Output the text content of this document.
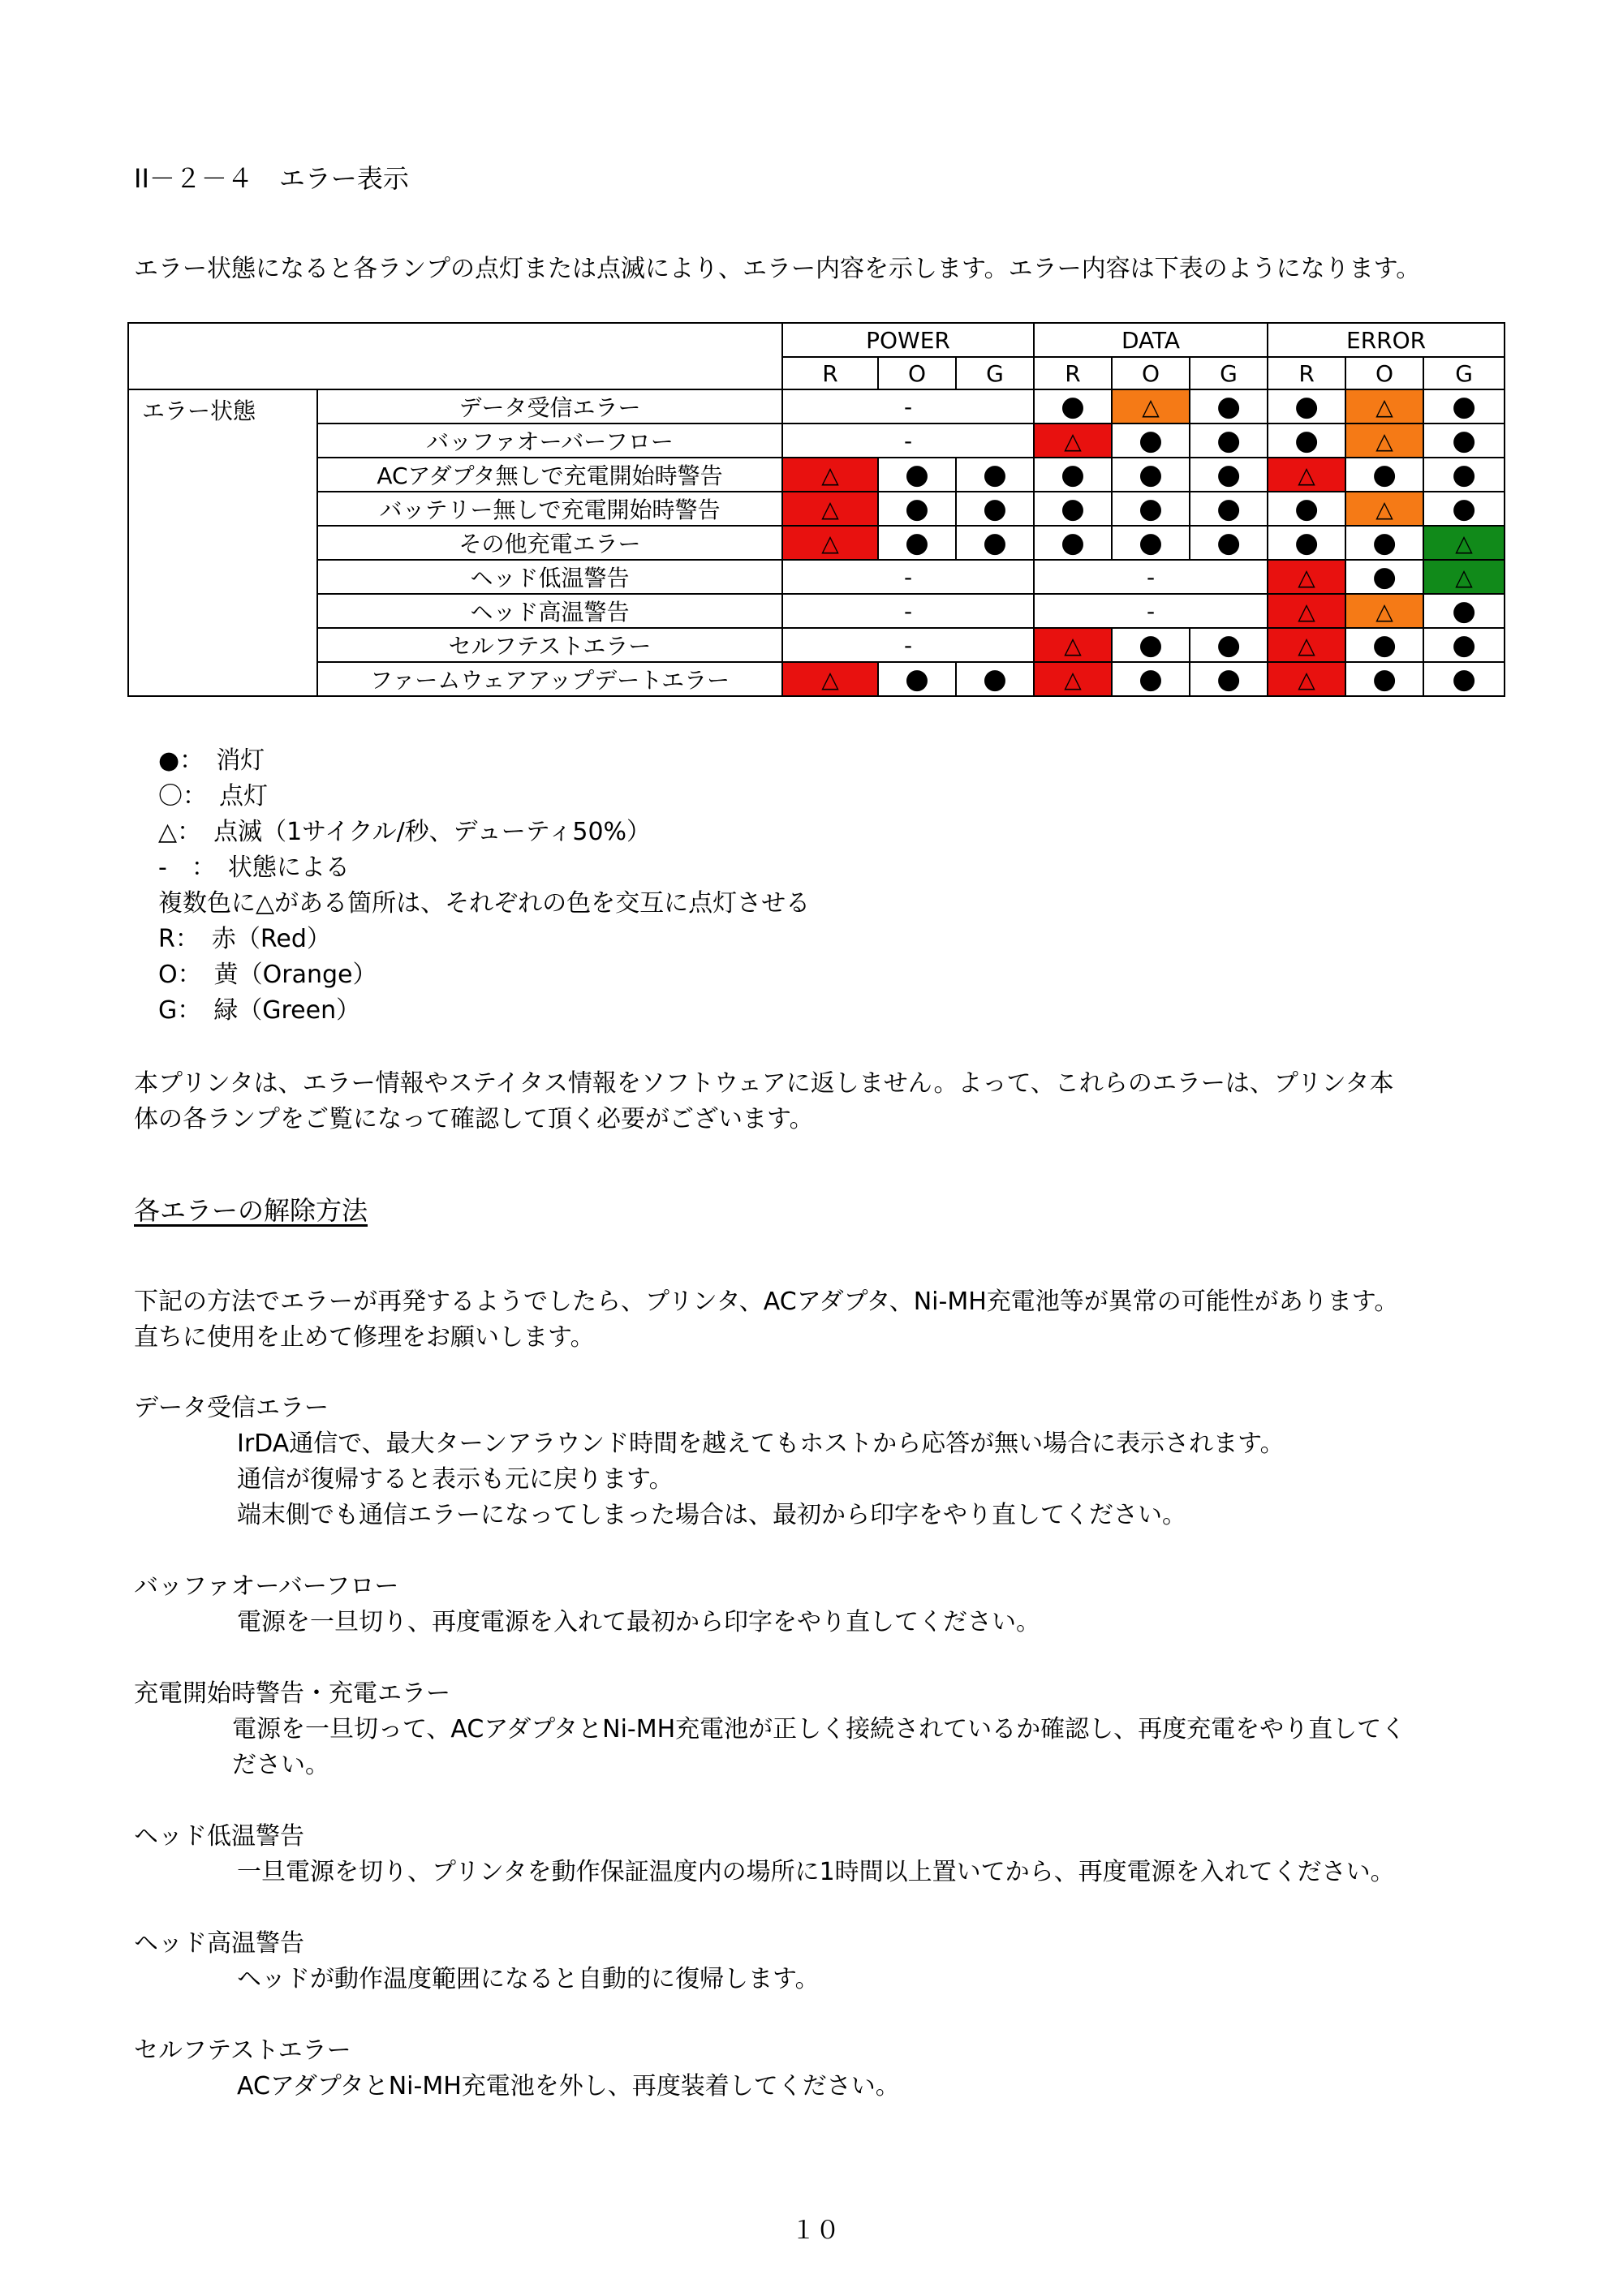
II－２－４　エラー表示
エラー状態になると各ランプの点灯または点滅により、エラー内容を示します。エラー内容は下表のようになります。
		POWER			DATA			ERROR		
		R	O	G	R	O	G	R	O	G
エラー状態	データ受信エラー	-			●	△	●	●	△	●
	バッファオーバーフロー	-			△	●	●	●	△	●
	ACアダプタ無しで充電開始時警告	△	●	●	●	●	●	△	●	●
	バッテリー無しで充電開始時警告	△	●	●	●	●	●	●	△	●
	その他充電エラー	△	●	●	●	●	●	●	●	△
	ヘッド低温警告	-			-			△	●	△
	ヘッド高温警告	-			-			△	△	●
	セルフテストエラー	-			△	●	●	△	●	●
	ファームウェアアップデートエラー	△	●	●	△	●	●	△	●	●
●：　 消灯
〇：　 点灯
△：　 点滅（1サイクル/秒、デューティ50%）
-　：　 状態による
複数色に△がある箇所は、それぞれの色を交互に点灯させる
R：　 赤（Red）
O：　 黄（Orange）
G：　 緑（Green）
本プリンタは、エラー情報やステイタス情報をソフトウェアに返しません。よって、これらのエラーは、プリンタ本
体の各ランプをご覧になって確認して頂く必要がございます。
各エラーの解除方法
下記の方法でエラーが再発するようでしたら、プリンタ、ACアダプタ、Ni-MH充電池等が異常の可能性があります。
直ちに使用を止めて修理をお願いします。
データ受信エラー
IrDA通信で、最大ターンアラウンド時間を越えてもホストから応答が無い場合に表示されます。
通信が復帰すると表示も元に戻ります。
端末側でも通信エラーになってしまった場合は、最初から印字をやり直してください。
バッファオーバーフロー
電源を一旦切り、再度電源を入れて最初から印字をやり直してください。
充電開始時警告・充電エラー
電源を一旦切って、ACアダプタとNi-MH充電池が正しく接続されているか確認し、再度充電をやり直してく
ださい。
ヘッド低温警告
一旦電源を切り、プリンタを動作保証温度内の場所に1時間以上置いてから、再度電源を入れてください。
ヘッド高温警告
ヘッドが動作温度範囲になると自動的に復帰します。
セルフテストエラー
ACアダプタとNi-MH充電池を外し、再度装着してください。
１０
